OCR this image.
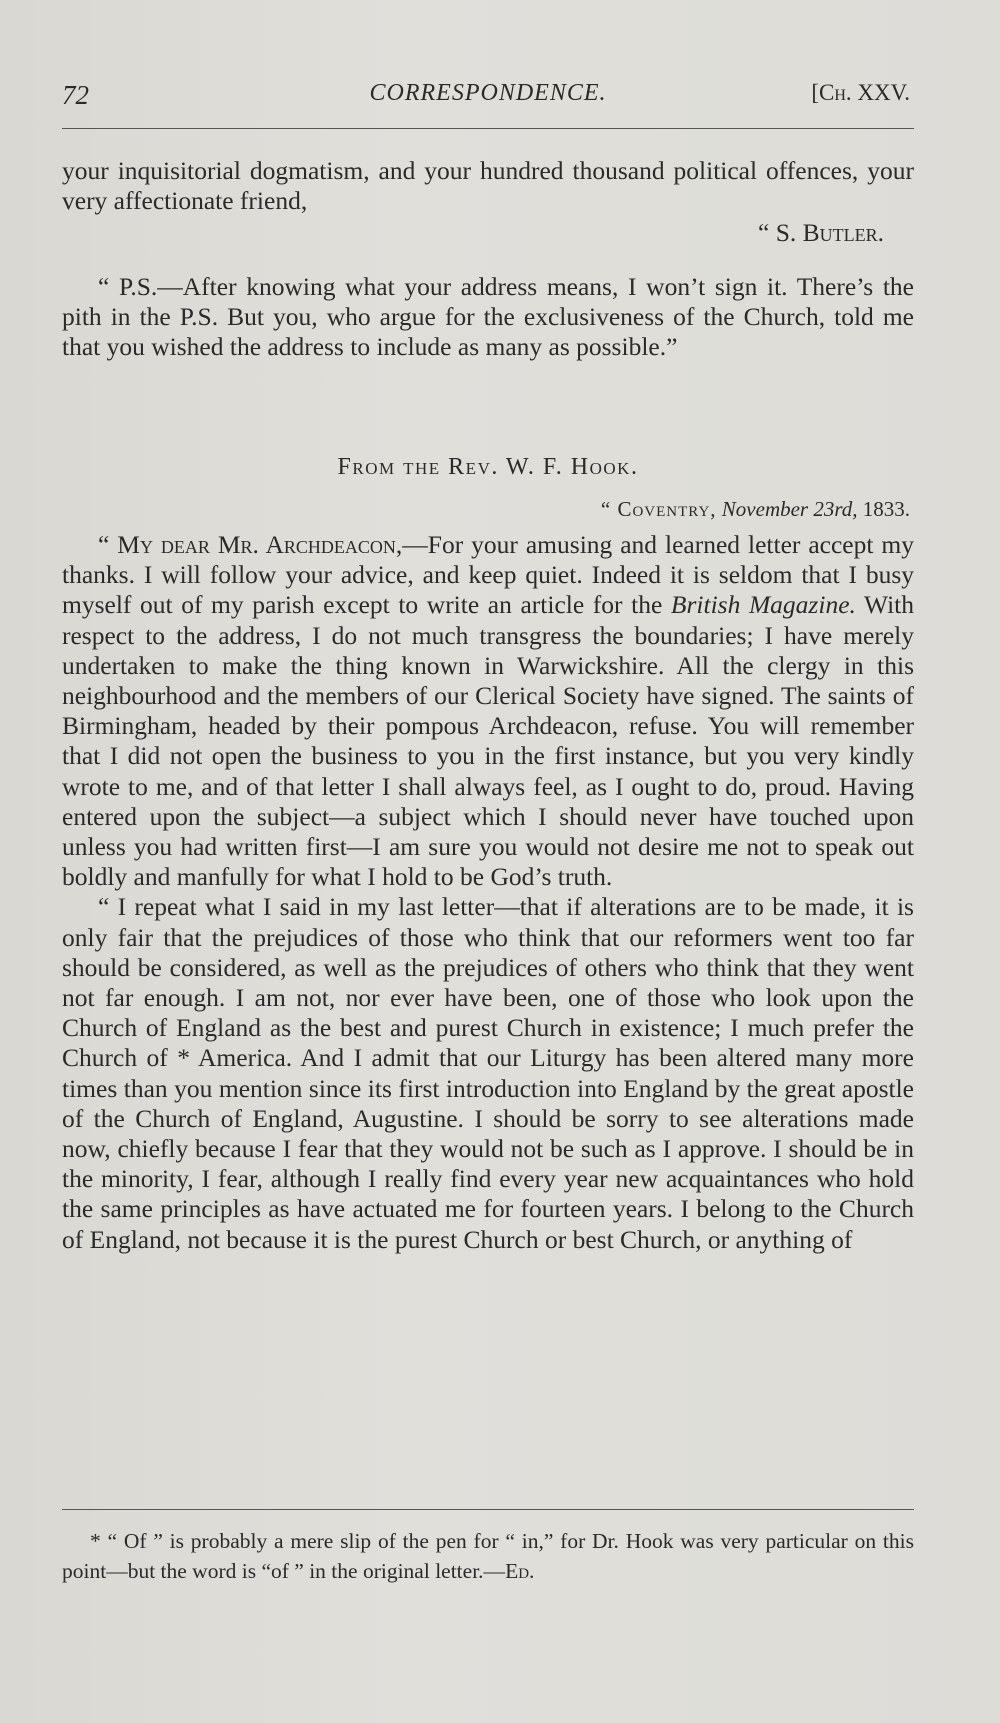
72	CORRESPONDENCE.	[Ch. XXV.

your inquisitorial dogmatism, and your hundred thousand political offences, your very affectionate friend,

“ S. Butler.

“ P.S.—After knowing what your address means, I won’t sign it. There’s the pith in the P.S. But you, who argue for the exclusiveness of the Church, told me that you wished the address to include as many as possible.”

From the Rev. W. F. Hook.
“ Coventry, November 23rd, 1833.

“ My dear Mr. Archdeacon,—For your amusing and learned letter accept my thanks. I will follow your advice, and keep quiet. Indeed it is seldom that I busy myself out of my parish except to write an article for the British Magazine. With respect to the address, I do not much transgress the boundaries; I have merely undertaken to make the thing known in Warwickshire. All the clergy in this neighbourhood and the members of our Clerical Society have signed. The saints of Birmingham, headed by their pompous Archdeacon, refuse. You will remember that I did not open the business to you in the first instance, but you very kindly wrote to me, and of that letter I shall always feel, as I ought to do, proud. Having entered upon the subject—a subject which I should never have touched upon unless you had written first—I am sure you would not desire me not to speak out boldly and manfully for what I hold to be God’s truth.

“ I repeat what I said in my last letter—that if alterations are to be made, it is only fair that the prejudices of those who think that our reformers went too far should be considered, as well as the prejudices of others who think that they went not far enough. I am not, nor ever have been, one of those who look upon the Church of England as the best and purest Church in existence; I much prefer the Church of * America. And I admit that our Liturgy has been altered many more times than you mention since its first introduction into England by the great apostle of the Church of England, Augustine. I should be sorry to see alterations made now, chiefly because I fear that they would not be such as I approve. I should be in the minority, I fear, although I really find every year new acquaintances who hold the same principles as have actuated me for fourteen years. I belong to the Church of England, not because it is the purest Church or best Church, or anything of

* “ Of ” is probably a mere slip of the pen for “ in,” for Dr. Hook was very particular on this point—but the word is “of ” in the original letter.—Ed.
